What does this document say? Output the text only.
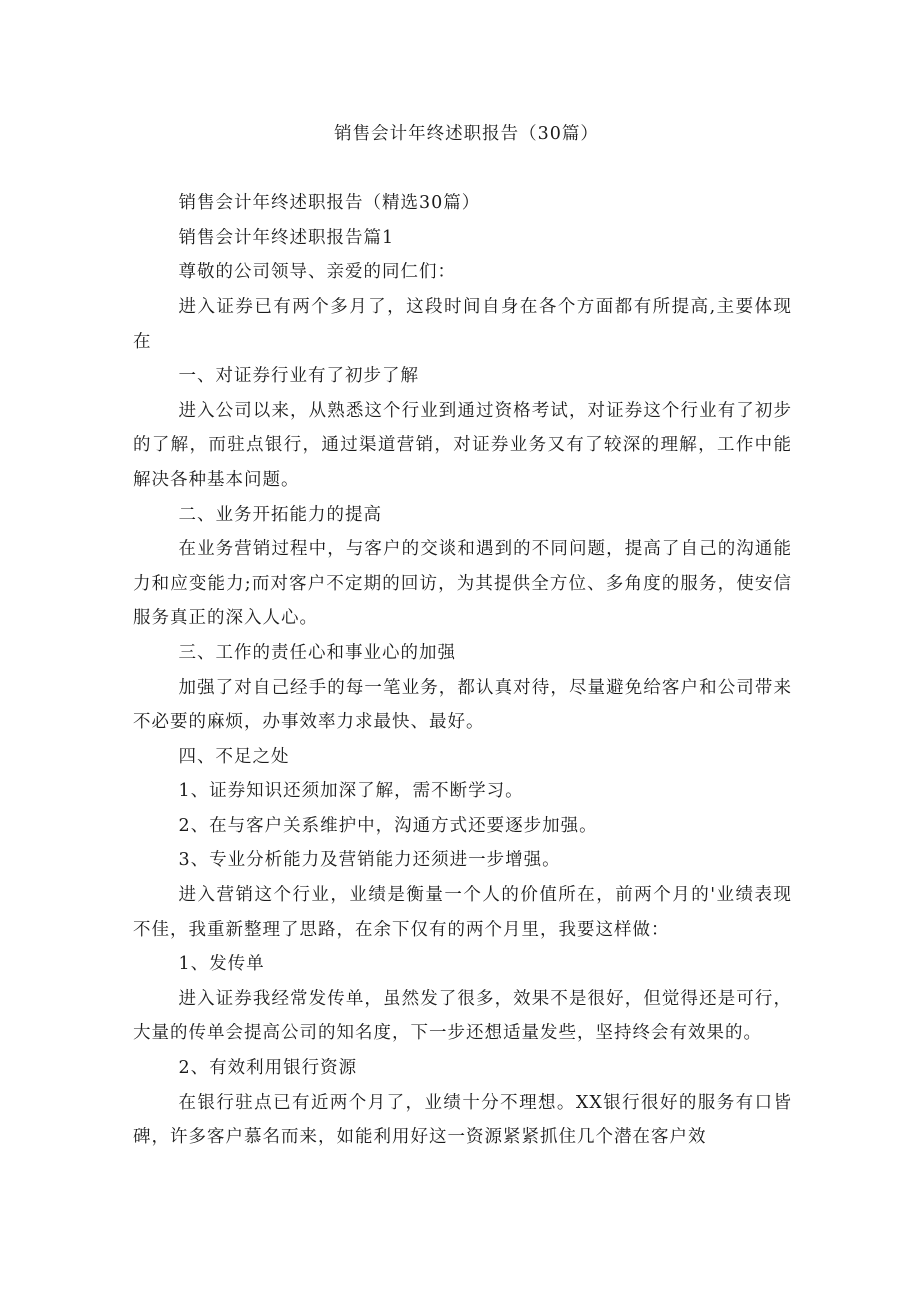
销售会计年终述职报告（30篇）

销售会计年终述职报告（精选30篇）

销售会计年终述职报告篇1

尊敬的公司领导、亲爱的同仁们：

进入证券已有两个多月了，这段时间自身在各个方面都有所提高,主要体现在

一、对证券行业有了初步了解

进入公司以来，从熟悉这个行业到通过资格考试，对证券这个行业有了初步的了解，而驻点银行，通过渠道营销，对证券业务又有了较深的理解，工作中能解决各种基本问题。

二、业务开拓能力的提高

在业务营销过程中，与客户的交谈和遇到的不同问题，提高了自己的沟通能力和应变能力;而对客户不定期的回访，为其提供全方位、多角度的服务，使安信服务真正的深入人心。

三、工作的责任心和事业心的加强

加强了对自己经手的每一笔业务，都认真对待，尽量避免给客户和公司带来不必要的麻烦，办事效率力求最快、最好。

四、不足之处

1、证券知识还须加深了解，需不断学习。

2、在与客户关系维护中，沟通方式还要逐步加强。

3、专业分析能力及营销能力还须进一步增强。

进入营销这个行业，业绩是衡量一个人的价值所在，前两个月的'业绩表现不佳，我重新整理了思路，在余下仅有的两个月里，我要这样做：

1、发传单

进入证券我经常发传单，虽然发了很多，效果不是很好，但觉得还是可行，大量的传单会提高公司的知名度，下一步还想适量发些，坚持终会有效果的。

2、有效利用银行资源

在银行驻点已有近两个月了，业绩十分不理想。XX银行很好的服务有口皆碑，许多客户慕名而来，如能利用好这一资源紧紧抓住几个潜在客户效
